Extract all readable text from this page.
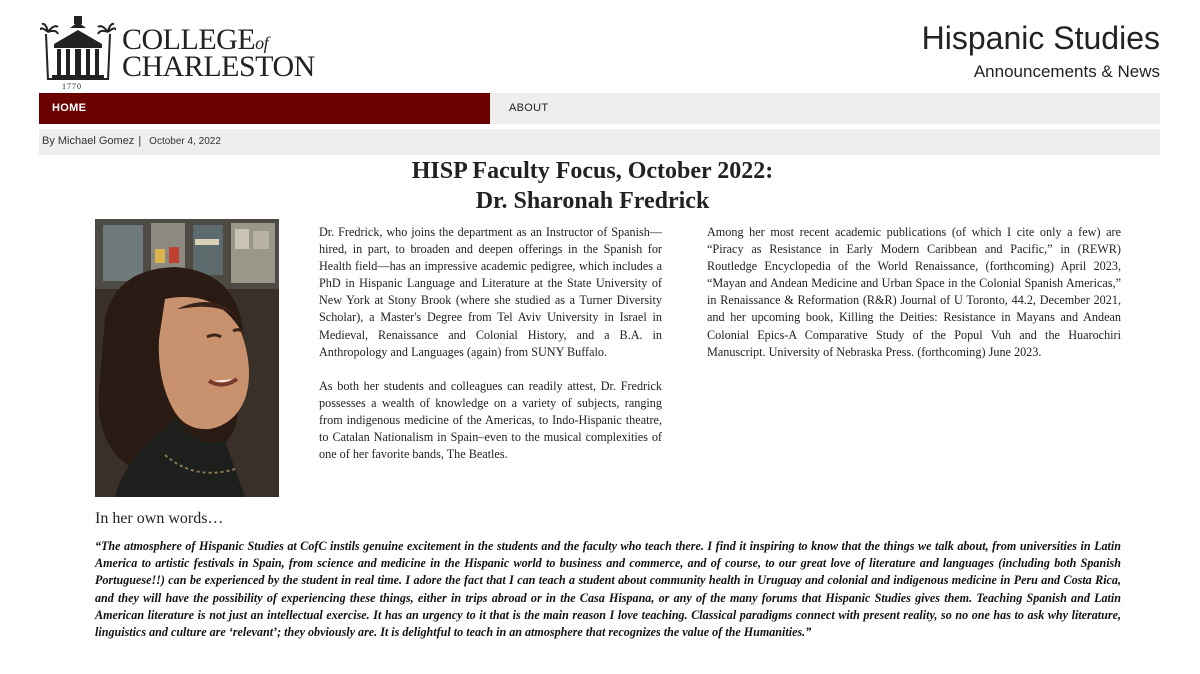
1770
COLLEGEof
CHARLESTON
Hispanic Studies
Announcements & News
HOME	ABOUT
By Michael Gomez | October 4, 2022
HISP Faculty Focus, October 2022:
Dr. Sharonah Fredrick

Dr. Fredrick, who joins the department as an Instructor of Spanish—hired, in part, to broaden and deepen offerings in the Spanish for Health field—has an impressive academic pedigree, which includes a PhD in Hispanic Language and Literature at the State University of New York at Stony Brook (where she studied as a Turner Diversity Scholar), a Master's Degree from Tel Aviv University in Israel in Medieval, Renaissance and Colonial History, and a B.A. in Anthropology and Languages (again) from SUNY Buffalo.

As both her students and colleagues can readily attest, Dr. Fredrick possesses a wealth of knowledge on a variety of subjects, ranging from indigenous medicine of the Americas, to Indo-Hispanic theatre, to Catalan Nationalism in Spain–even to the musical complexities of one of her favorite bands, The Beatles.

Among her most recent academic publications (of which I cite only a few) are “Piracy as Resistance in Early Modern Caribbean and Pacific,” in (REWR) Routledge Encyclopedia of the World Renaissance, (forthcoming) April 2023, “Mayan and Andean Medicine and Urban Space in the Colonial Spanish Americas,” in Renaissance & Reformation (R&R) Journal of U Toronto, 44.2, December 2021, and her upcoming book, Killing the Deities: Resistance in Mayans and Andean Colonial Epics-A Comparative Study of the Popul Vuh and the Huarochiri Manuscript. University of Nebraska Press. (forthcoming) June 2023.

In her own words…

“The atmosphere of Hispanic Studies at CofC instils genuine excitement in the students and the faculty who teach there. I find it inspiring to know that the things we talk about, from universities in Latin America to artistic festivals in Spain, from science and medicine in the Hispanic world to business and commerce, and of course, to our great love of literature and languages (including both Spanish Portuguese!!) can be experienced by the student in real time. I adore the fact that I can teach a student about community health in Uruguay and colonial and indigenous medicine in Peru and Costa Rica, and they will have the possibility of experiencing these things, either in trips abroad or in the Casa Hispana, or any of the many forums that Hispanic Studies gives them. Teaching Spanish and Latin American literature is not just an intellectual exercise. It has an urgency to it that is the main reason I love teaching. Classical paradigms connect with present reality, so no one has to ask why literature, linguistics and culture are ‘relevant’; they obviously are. It is delightful to teach in an atmosphere that recognizes the value of the Humanities.”
